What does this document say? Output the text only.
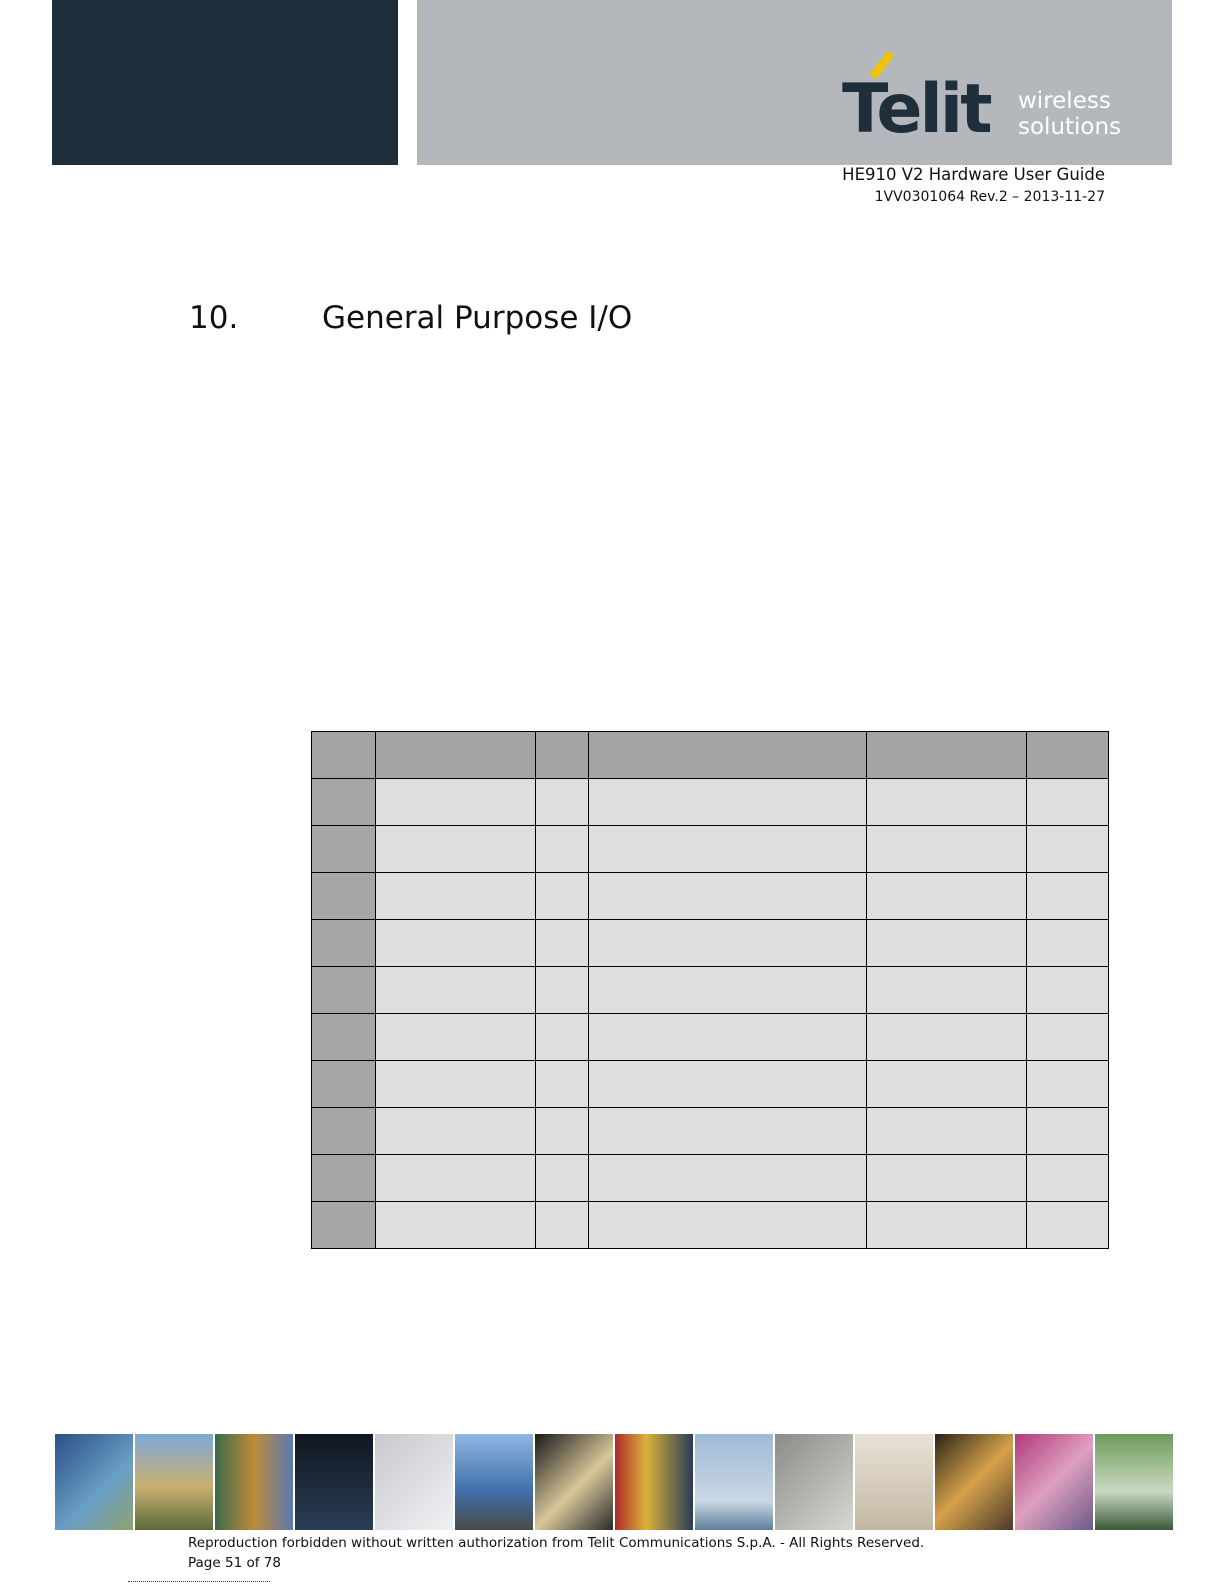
Telit wireless
solutions
HE910 V2 Hardware User Guide
1VV0301064 Rev.2 – 2013-11-27
10.	General Purpose I/O

Reproduction forbidden without written authorization from Telit Communications S.p.A. - All Rights Reserved.
Page 51 of 78
